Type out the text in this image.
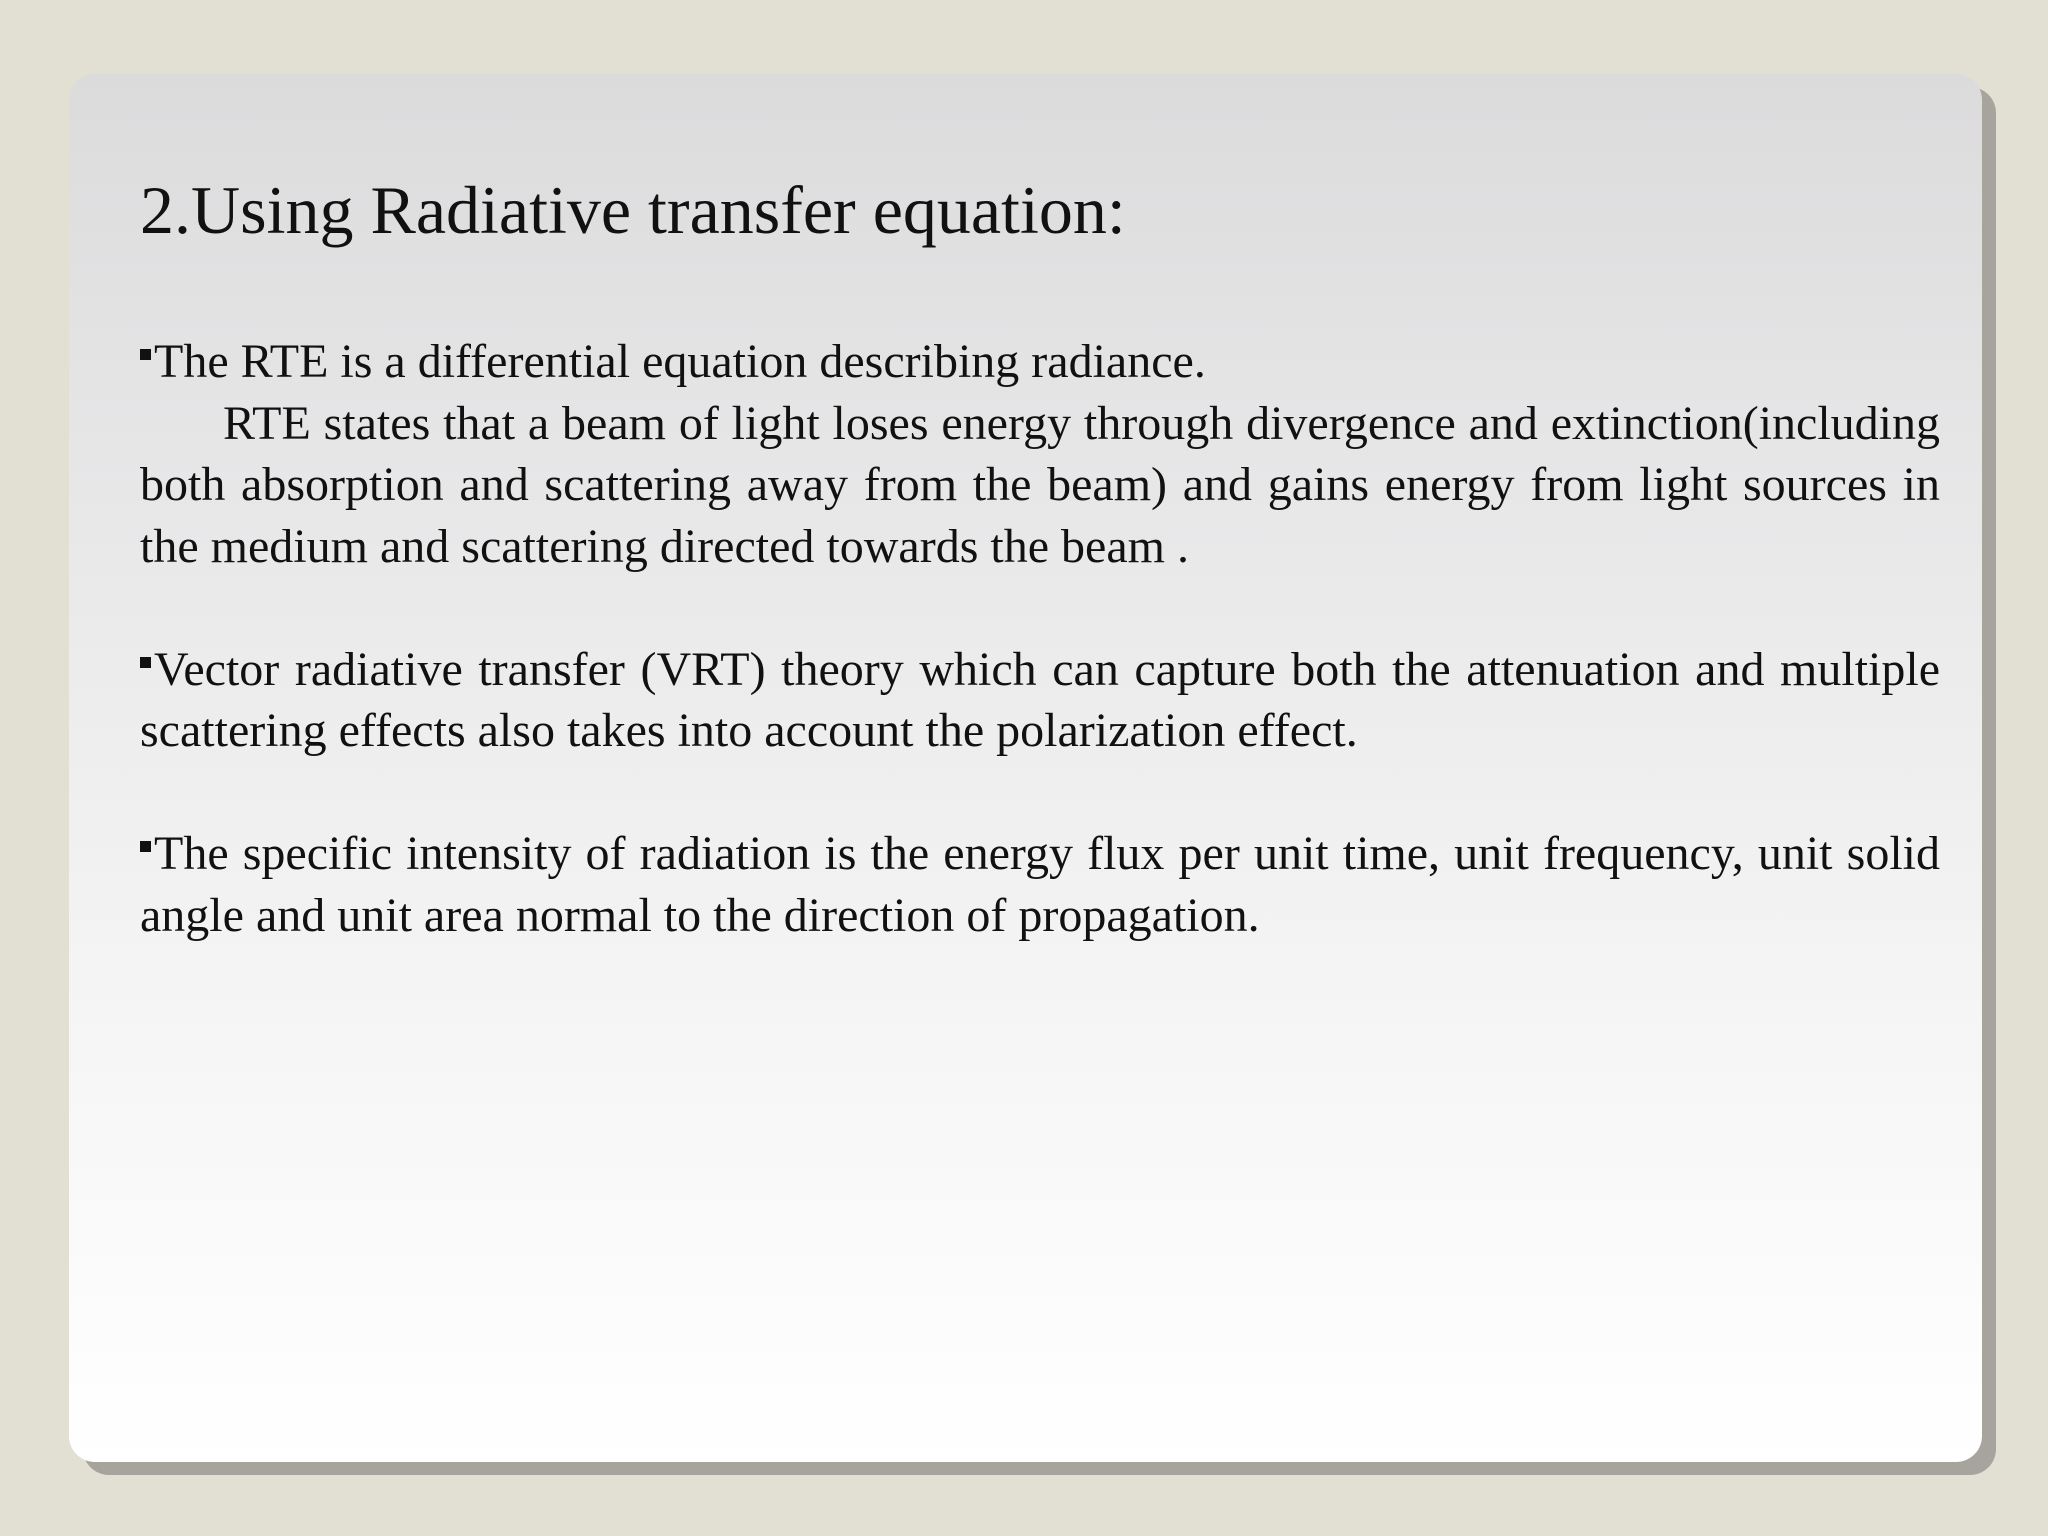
2.Using Radiative transfer equation:

The RTE is a differential equation describing radiance.

RTE states that a beam of light loses energy through divergence and extinction(including both absorption and scattering away from the beam) and gains energy from light sources in the medium and scattering directed towards the beam .

Vector radiative transfer (VRT) theory which can capture both the attenuation and multiple scattering effects also takes into account the polarization effect.

The specific intensity of radiation is the energy flux per unit time, unit frequency, unit solid angle and unit area normal to the direction of propagation.
